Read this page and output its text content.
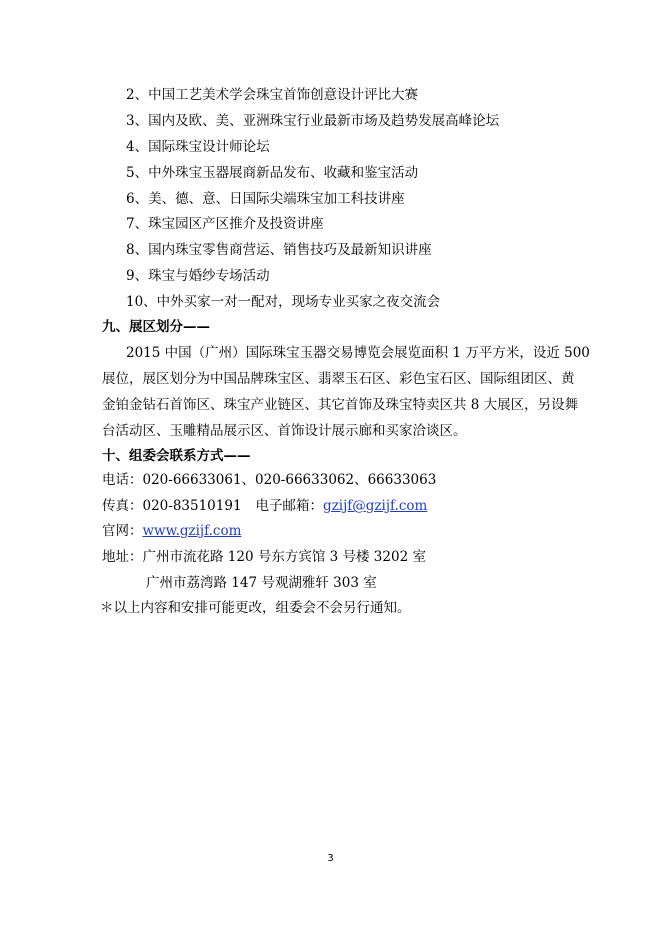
2、中国工艺美术学会珠宝首饰创意设计评比大赛
3、国内及欧、美、亚洲珠宝行业最新市场及趋势发展高峰论坛
4、国际珠宝设计师论坛
5、中外珠宝玉器展商新品发布、收藏和鉴宝活动
6、美、德、意、日国际尖端珠宝加工科技讲座
7、珠宝园区产区推介及投资讲座
8、国内珠宝零售商营运、销售技巧及最新知识讲座
9、珠宝与婚纱专场活动
10、中外买家一对一配对，现场专业买家之夜交流会
九、展区划分——
2015 中国（广州）国际珠宝玉器交易博览会展览面积 1 万平方米，设近 500
展位，展区划分为中国品牌珠宝区、翡翠玉石区、彩色宝石区、国际组团区、黄
金铂金钻石首饰区、珠宝产业链区、其它首饰及珠宝特卖区共 8 大展区，另设舞
台活动区、玉雕精品展示区、首饰设计展示廊和买家洽谈区。
十、组委会联系方式——
电话：020-66633061、020-66633062、66633063
传真：020-83510191 电子邮箱：gzijf@gzijf.com
官网：www.gzijf.com
地址：广州市流花路 120 号东方宾馆 3 号楼 3202 室
广州市荔湾路 147 号观湖雅轩 303 室
＊以上内容和安排可能更改，组委会不会另行通知。
3
